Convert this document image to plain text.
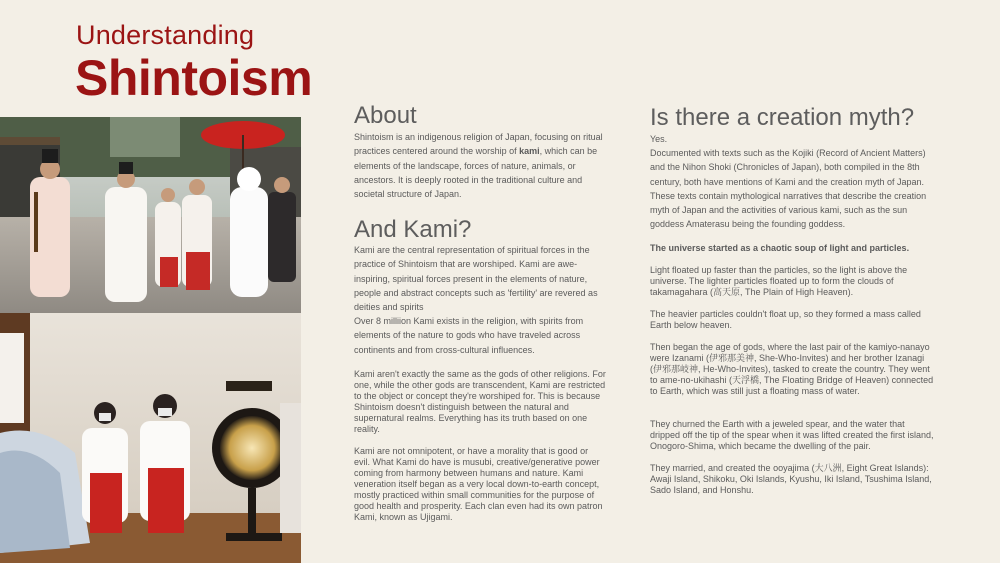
Understanding
Shintoism
About

Shintoism is an indigenous religion of Japan, focusing on ritual practices centered around the worship of kami, which can be elements of the landscape, forces of nature, animals, or ancestors. It is deeply rooted in the traditional culture and societal structure of Japan.

And Kami?

Kami are the central representation of spiritual forces in the practice of Shintoism that are worshiped. Kami are awe-inspiring, spiritual forces present in the elements of nature, people and abstract concepts such as 'fertility' are revered as deities and spirits

Over 8 milliion Kami exists in the religion, with spirits from elements of the nature to gods who have traveled across continents and from cross-cultural influences.

Kami aren't exactly the same as the gods of other religions. For one, while the other gods are transcendent, Kami are restricted to the object or concept they're worshiped for. This is because Shintoism doesn't distinguish between the natural and supernatural realms. Everything has its truth based on one reality.

Kami are not omnipotent, or have a morality that is good or evil. What Kami do have is musubi, creative/generative power coming from harmony between humans and nature. Kami veneration itself began as a very local down-to-earth concept, mostly practiced within small communities for the purpose of good health and prosperity. Each clan even had its own patron Kami, known as Ujigami.

Is there a creation myth?

Yes.

Documented with texts such as the Kojiki (Record of Ancient Matters) and the Nihon Shoki (Chronicles of Japan), both compiled in the 8th century, both have mentions of Kami and the creation myth of Japan. These texts contain mythological narratives that describe the creation myth of Japan and the activities of various kami, such as the sun goddess Amaterasu being the founding goddess.

The universe started as a chaotic soup of light and particles.

Light floated up faster than the particles, so the light is above the universe. The lighter particles floated up to form the clouds of takamagahara (高天原, The Plain of High Heaven).

The heavier particles couldn't float up, so they formed a mass called Earth below heaven.

Then began the age of gods, where the last pair of the kamiyo-nanayo were Izanami (伊邪那美神, She-Who-Invites) and her brother Izanagi (伊邪那岐神, He-Who-Invites), tasked to create the country. They went to ame-no-ukihashi (天浮橋, The Floating Bridge of Heaven) connected to Earth, which was still just a floating mass of water.

They churned the Earth with a jeweled spear, and the water that dripped off the tip of the spear when it was lifted created the first island, Onogoro-Shima, which became the dwelling of the pair.

They married, and created the ooyajima (大八洲, Eight Great Islands): Awaji Island, Shikoku, Oki Islands, Kyushu, Iki Island, Tsushima Island, Sado Island, and Honshu.
